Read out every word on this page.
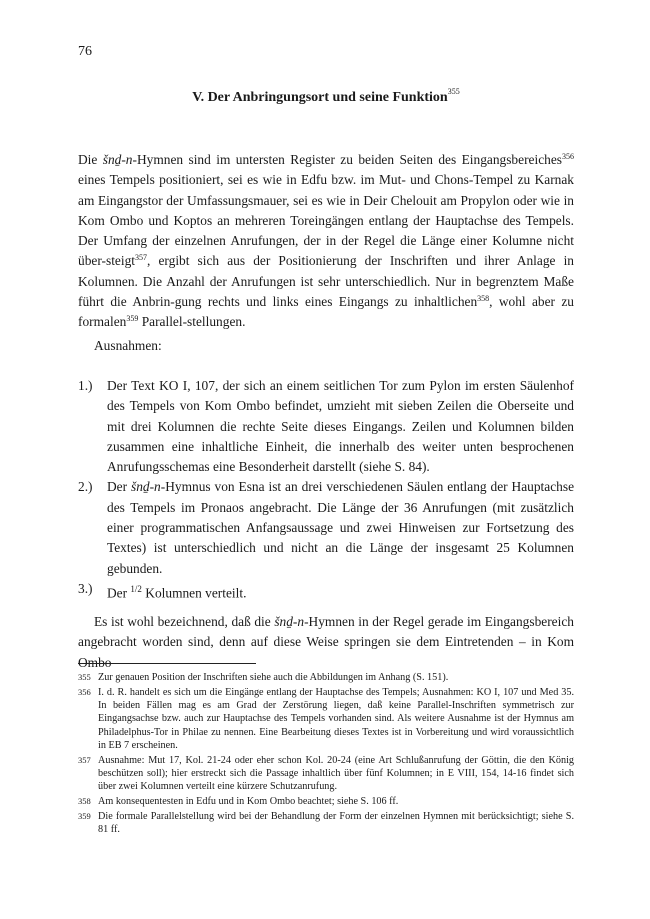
76
V. Der Anbringungsort und seine Funktion$^{355}$
Die šnḏ-n-Hymnen sind im untersten Register zu beiden Seiten des Eingangsbereiches$^{356}$ eines Tempels positioniert, sei es wie in Edfu bzw. im Mut- und Chons-Tempel zu Karnak am Eingangstor der Umfassungsmauer, sei es wie in Deir Chelouit am Propylon oder wie in Kom Ombo und Koptos an mehreren Toreingängen entlang der Hauptachse des Tempels. Der Umfang der einzelnen Anrufungen, der in der Regel die Länge einer Kolumne nicht über-steigt$^{357}$, ergibt sich aus der Positionierung der Inschriften und ihrer Anlage in Kolumnen. Die Anzahl der Anrufungen ist sehr unterschiedlich. Nur in begrenztem Maße führt die Anbrin-gung rechts und links eines Eingangs zu inhaltlichen$^{358}$, wohl aber zu formalen$^{359}$ Parallel-stellungen.
Ausnahmen:
1.) Der Text KO I, 107, der sich an einem seitlichen Tor zum Pylon im ersten Säulenhof des Tempels von Kom Ombo befindet, umzieht mit sieben Zeilen die Oberseite und mit drei Kolumnen die rechte Seite dieses Eingangs. Zeilen und Kolumnen bilden zusammen eine inhaltliche Einheit, die innerhalb des weiter unten besprochenen Anrufungsschemas eine Besonderheit darstellt (siehe S. 84).
2.) Der šnḏ-n-Hymnus von Esna ist an drei verschiedenen Säulen entlang der Hauptachse des Tempels im Pronaos angebracht. Die Länge der 36 Anrufungen (mit zusätzlich einer programmatischen Anfangsaussage und zwei Hinweisen zur Fortsetzung des Textes) ist unterschiedlich und nicht an die Länge der insgesamt 25 Kolumnen gebunden.
3.) Der $^{1/2}$ Kolumnen verteilt.
Es ist wohl bezeichnend, daß die šnḏ-n-Hymnen in der Regel gerade im Eingangsbereich angebracht worden sind, denn auf diese Weise springen sie dem Eintretenden – in Kom Ombo
355 Zur genauen Position der Inschriften siehe auch die Abbildungen im Anhang (S. 151).
356 I. d. R. handelt es sich um die Eingänge entlang der Hauptachse des Tempels; Ausnahmen: KO I, 107 und Med 35. In beiden Fällen mag es am Grad der Zerstörung liegen, daß keine Parallel-Inschriften symmetrisch zur Eingangsachse bzw. auch zur Hauptachse des Tempels vorhanden sind. Als weitere Ausnahme ist der Hymnus am Philadelphus-Tor in Philae zu nennen. Eine Bearbeitung dieses Textes ist in Vorbereitung und wird voraussichtlich in EB 7 erscheinen.
357 Ausnahme: Mut 17, Kol. 21-24 oder eher schon Kol. 20-24 (eine Art Schlußanrufung der Göttin, die den König beschützen soll); hier erstreckt sich die Passage inhaltlich über fünf Kolumnen; in E VIII, 154, 14-16 findet sich über zwei Kolumnen verteilt eine kürzere Schutzanrufung.
358 Am konsequentesten in Edfu und in Kom Ombo beachtet; siehe S. 106 ff.
359 Die formale Parallelstellung wird bei der Behandlung der Form der einzelnen Hymnen mit berücksichtigt; siehe S. 81 ff.
